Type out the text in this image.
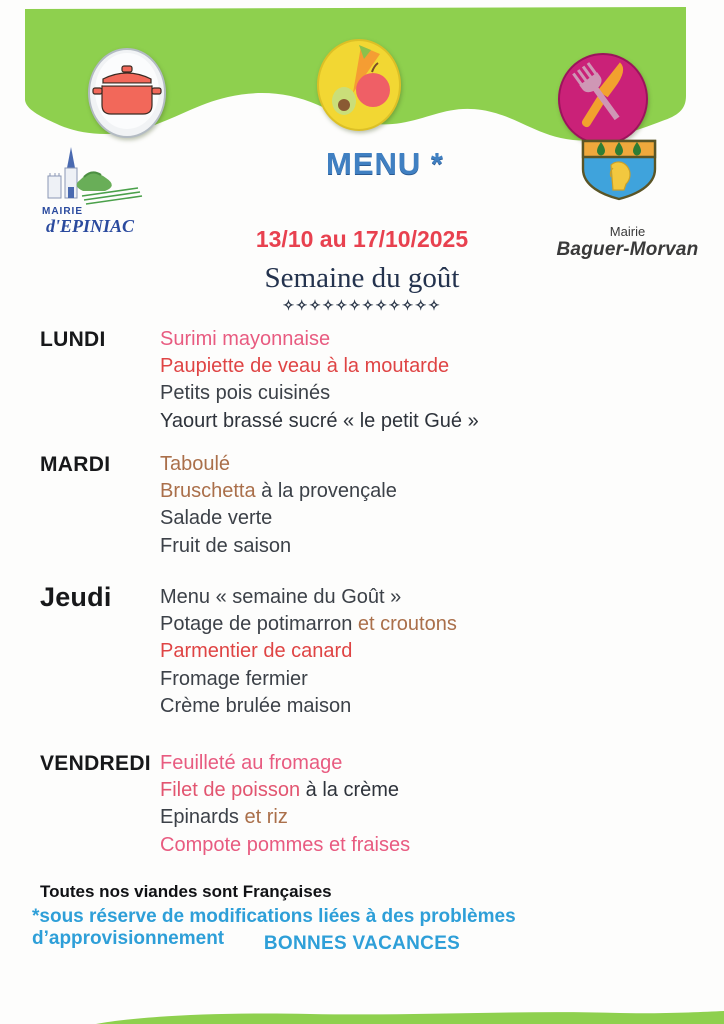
MAIRIE
d'EPINIAC	Mairie
Baguer-Morvan
MENU *
13/10 au 17/10/2025
Semaine du goût
✧✧✧✧✧✧✧✧✧✧✧✧
LUNDI	Surimi mayonnaise

Paupiette de veau à la moutarde

Petits pois cuisinés

Yaourt brassé sucré « le petit Gué »

MARDI	Taboulé

Bruschetta à la provençale

Salade verte

Fruit de saison

Jeudi	Menu « semaine du Goût »

Potage de potimarron et croutons

Parmentier de canard

Fromage fermier

Crème brulée maison

VENDREDI Feuilleté au fromage

Filet de poisson à la crème

Epinards et riz

Compote pommes et fraises

Toutes nos viandes sont Françaises
*sous réserve de modifications liées à des problèmes d’approvisionnement	BONNES VACANCES
